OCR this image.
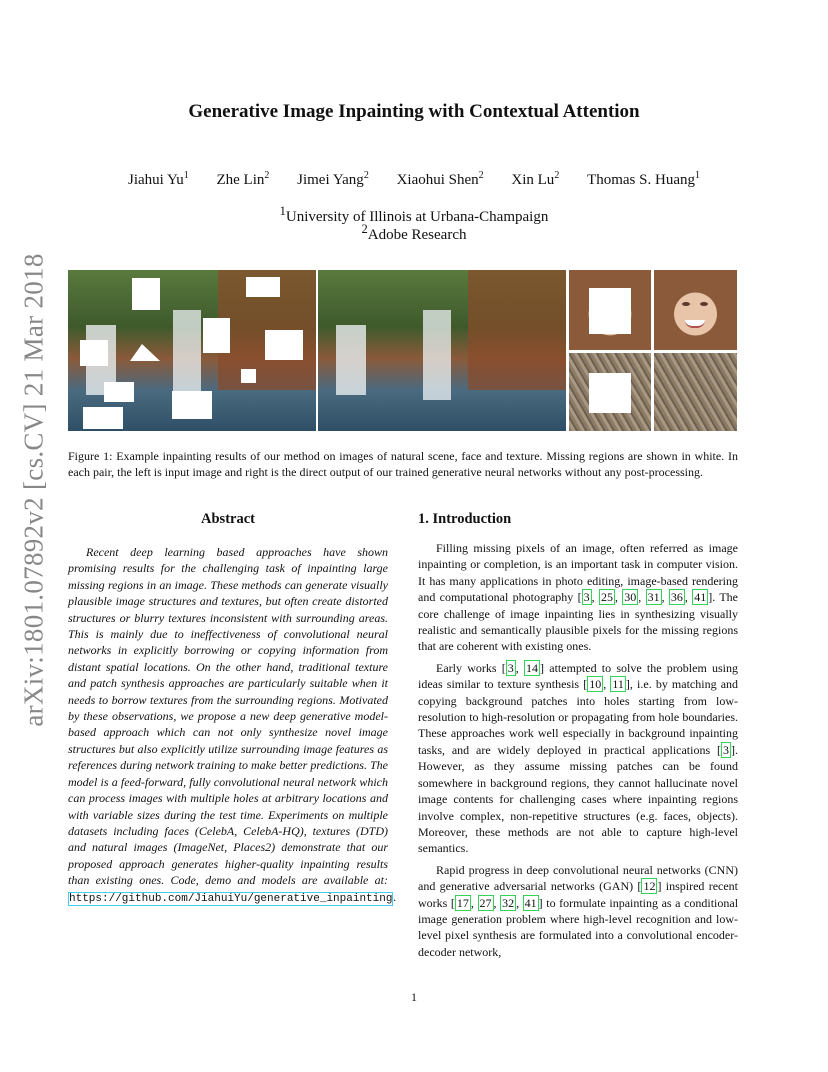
Generative Image Inpainting with Contextual Attention
Jiahui Yu$^1$ Zhe Lin$^2$ Jimei Yang$^2$ Xiaohui Shen$^2$ Xin Lu$^2$ Thomas S. Huang$^1$
$^1$University of Illinois at Urbana-Champaign
$^2$Adobe Research
arXiv:1801.07892v2 [cs.CV] 21 Mar 2018 Figure 1: Example inpainting results of our method on images of natural scene, face and texture. Missing regions are shown in white. In each pair, the left is input image and right is the direct output of our trained generative neural networks without any post-processing.
Abstract

Recent deep learning based approaches have shown promising results for the challenging task of inpainting large missing regions in an image. These methods can generate visually plausible image structures and textures, but often create distorted structures or blurry textures inconsistent with surrounding areas. This is mainly due to ineffectiveness of convolutional neural networks in explicitly borrowing or copying information from distant spatial locations. On the other hand, traditional texture and patch synthesis approaches are particularly suitable when it needs to borrow textures from the surrounding regions. Motivated by these observations, we propose a new deep generative model-based approach which can not only synthesize novel image structures but also explicitly utilize surrounding image features as references during network training to make better predictions. The model is a feed-forward, fully convolutional neural network which can process images with multiple holes at arbitrary locations and with variable sizes during the test time. Experiments on multiple datasets including faces (CelebA, CelebA-HQ), textures (DTD) and natural images (ImageNet, Places2) demonstrate that our proposed approach generates higher-quality inpainting results than existing ones. Code, demo and models are available at: https://github.com/JiahuiYu/generative_inpainting.

1. Introduction

Filling missing pixels of an image, often referred as image inpainting or completion, is an important task in computer vision. It has many applications in photo editing, image-based rendering and computational photography [ 3 , 25 , 30 , 31 , 36 , 41 ]. The core challenge of image inpainting lies in synthesizing visually realistic and semantically plausible pixels for the missing regions that are coherent with existing ones.

Early works [ 3 , 14 ] attempted to solve the problem using ideas similar to texture synthesis [ 10 , 11 ], i.e. by matching and copying background patches into holes starting from low-resolution to high-resolution or propagating from hole boundaries. These approaches work well especially in background inpainting tasks, and are widely deployed in practical applications [ 3 ]. However, as they assume missing patches can be found somewhere in background regions, they cannot hallucinate novel image contents for challenging cases where inpainting regions involve complex, non-repetitive structures (e.g. faces, objects). Moreover, these methods are not able to capture high-level semantics.

Rapid progress in deep convolutional neural networks (CNN) and generative adversarial networks (GAN) [ 12 ] inspired recent works [ 17 , 27 , 32 , 41 ] to formulate inpainting as a conditional image generation problem where high-level recognition and low-level pixel synthesis are formulated into a convolutional encoder-decoder network,

1
